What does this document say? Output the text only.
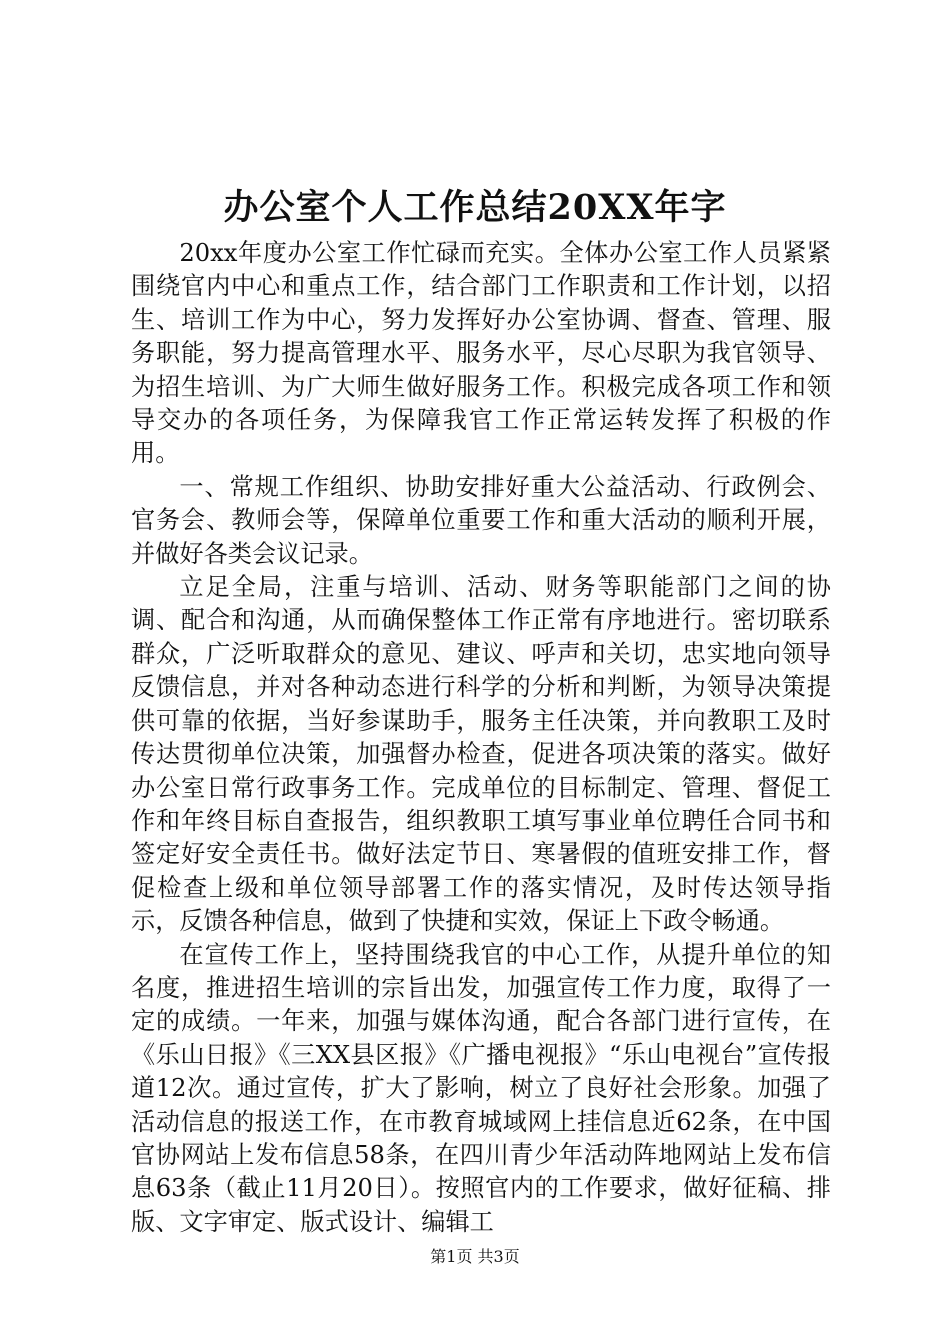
办公室个人工作总结20XX年字

20xx年度办公室工作忙碌而充实。全体办公室工作人员紧紧围绕官内中心和重点工作，结合部门工作职责和工作计划，以招生、培训工作为中心，努力发挥好办公室协调、督查、管理、服务职能，努力提高管理水平、服务水平，尽心尽职为我官领导、为招生培训、为广大师生做好服务工作。积极完成各项工作和领导交办的各项任务，为保障我官工作正常运转发挥了积极的作用。

一、常规工作组织、协助安排好重大公益活动、行政例会、官务会、教师会等，保障单位重要工作和重大活动的顺利开展，并做好各类会议记录。

立足全局，注重与培训、活动、财务等职能部门之间的协调、配合和沟通，从而确保整体工作正常有序地进行。密切联系群众，广泛听取群众的意见、建议、呼声和关切，忠实地向领导反馈信息，并对各种动态进行科学的分析和判断，为领导决策提供可靠的依据，当好参谋助手，服务主任决策，并向教职工及时传达贯彻单位决策，加强督办检查，促进各项决策的落实。做好办公室日常行政事务工作。完成单位的目标制定、管理、督促工作和年终目标自查报告，组织教职工填写事业单位聘任合同书和签定好安全责任书。做好法定节日、寒暑假的值班安排工作，督促检查上级和单位领导部署工作的落实情况，及时传达领导指示，反馈各种信息，做到了快捷和实效，保证上下政令畅通。

在宣传工作上，坚持围绕我官的中心工作，从提升单位的知名度，推进招生培训的宗旨出发，加强宣传工作力度，取得了一定的成绩。一年来，加强与媒体沟通，配合各部门进行宣传，在《乐山日报》《三XX县区报》《广播电视报》“乐山电视台”宣传报道12次。通过宣传，扩大了影响，树立了良好社会形象。加强了活动信息的报送工作，在市教育城域网上挂信息近62条，在中国官协网站上发布信息58条，在四川青少年活动阵地网站上发布信息63条（截止11月20日）。按照官内的工作要求，做好征稿、排版、文字审定、版式设计、编辑工

第1页 共3页
